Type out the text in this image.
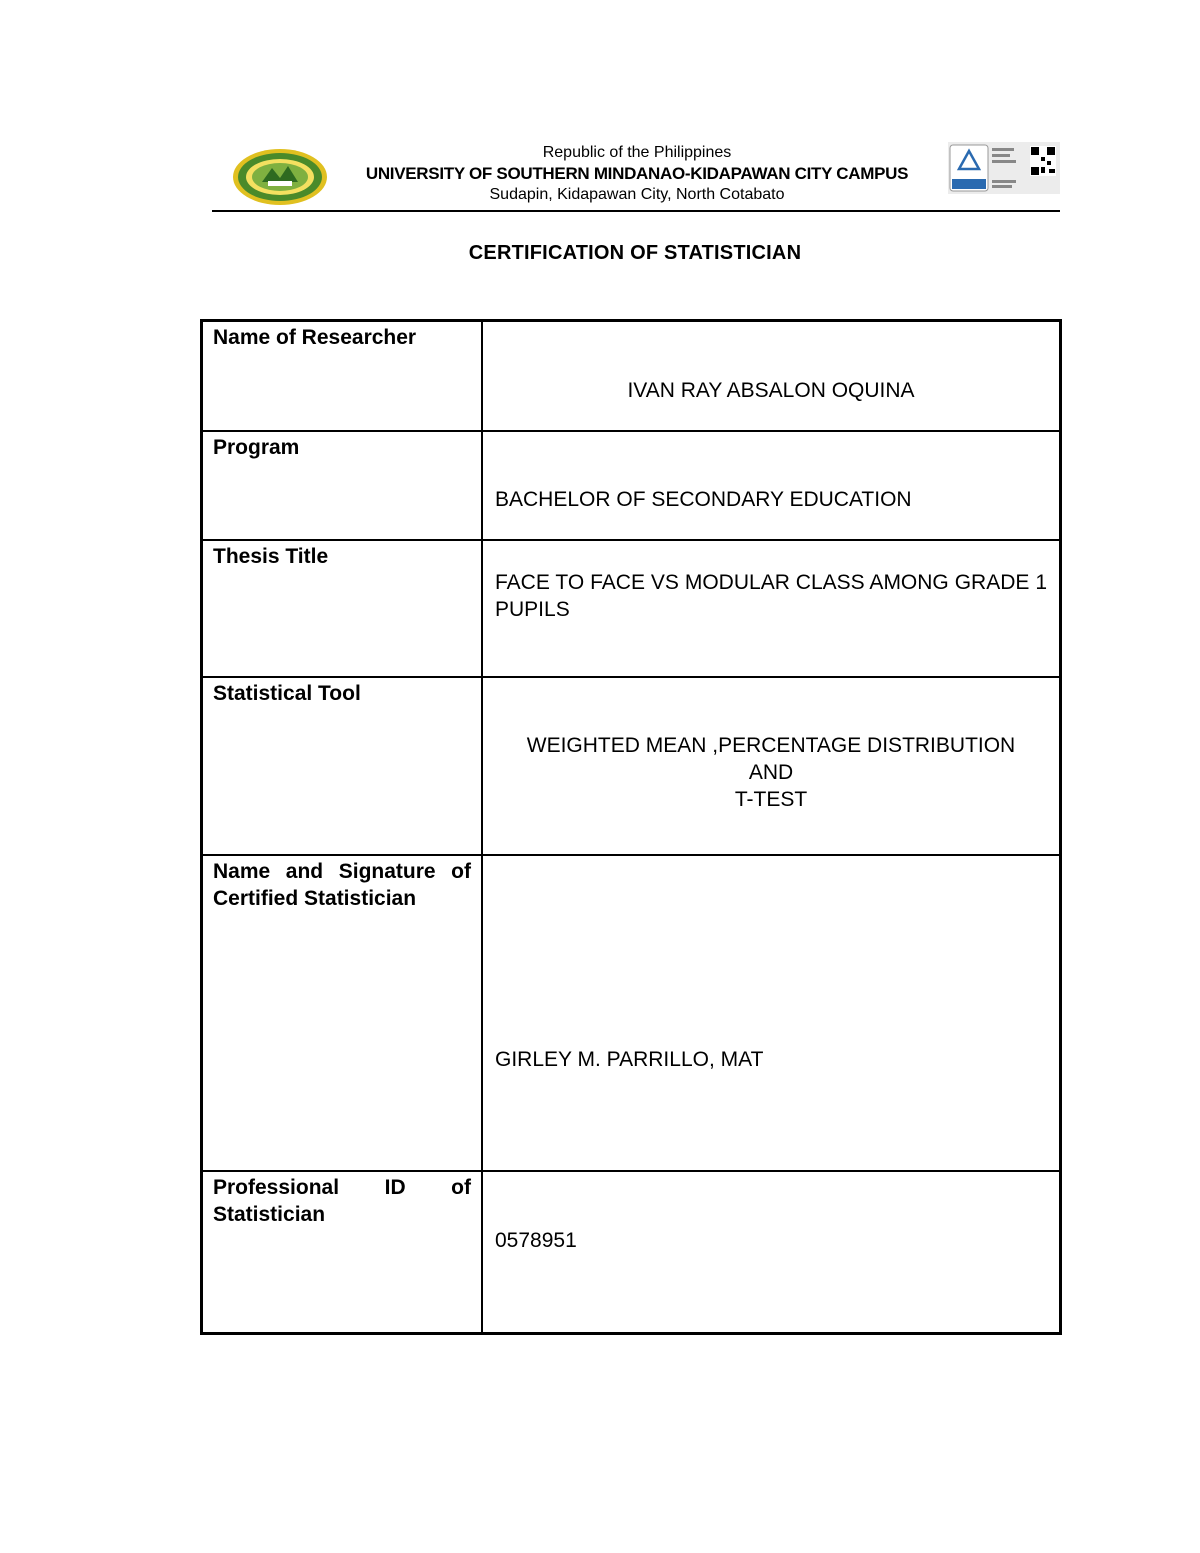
Republic of the Philippines
UNIVERSITY OF SOUTHERN MINDANAO-KIDAPAWAN CITY CAMPUS
Sudapin, Kidapawan City, North Cotabato
CERTIFICATION OF STATISTICIAN
Name of Researcher	IVAN RAY ABSALON OQUINA

Program	BACHELOR OF SECONDARY EDUCATION

Thesis Title	FACE TO FACE VS MODULAR CLASS AMONG GRADE 1 PUPILS

Statistical Tool	WEIGHTED MEAN ,PERCENTAGE DISTRIBUTION
AND
T-TEST

Name and Signature of Certified Statistician	GIRLEY M. PARRILLO, MAT

Professional ID of Statistician	0578951
